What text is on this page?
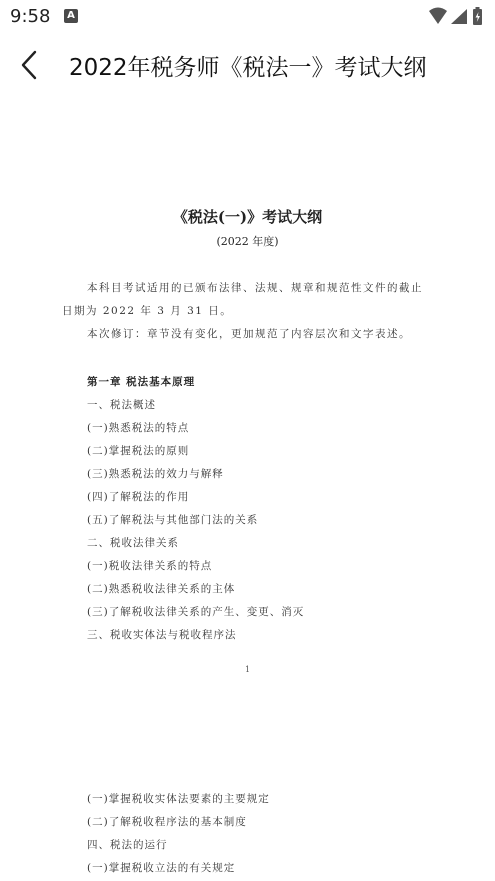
9:58	A
2022年税务师《税法一》考试大纲
《税法(一)》考试大纲
(2022 年度)
本科目考试适用的已颁布法律、法规、规章和规范性文件的截止
日期为 2022 年 3 月 31 日。
本次修订：章节没有变化，更加规范了内容层次和文字表述。
第一章 税法基本原理
一、税法概述
(一)熟悉税法的特点
(二)掌握税法的原则
(三)熟悉税法的效力与解释
(四)了解税法的作用
(五)了解税法与其他部门法的关系
二、税收法律关系
(一)税收法律关系的特点
(二)熟悉税收法律关系的主体
(三)了解税收法律关系的产生、变更、消灭
三、税收实体法与税收程序法
1
(一)掌握税收实体法要素的主要规定
(二)了解税收程序法的基本制度
四、税法的运行
(一)掌握税收立法的有关规定
